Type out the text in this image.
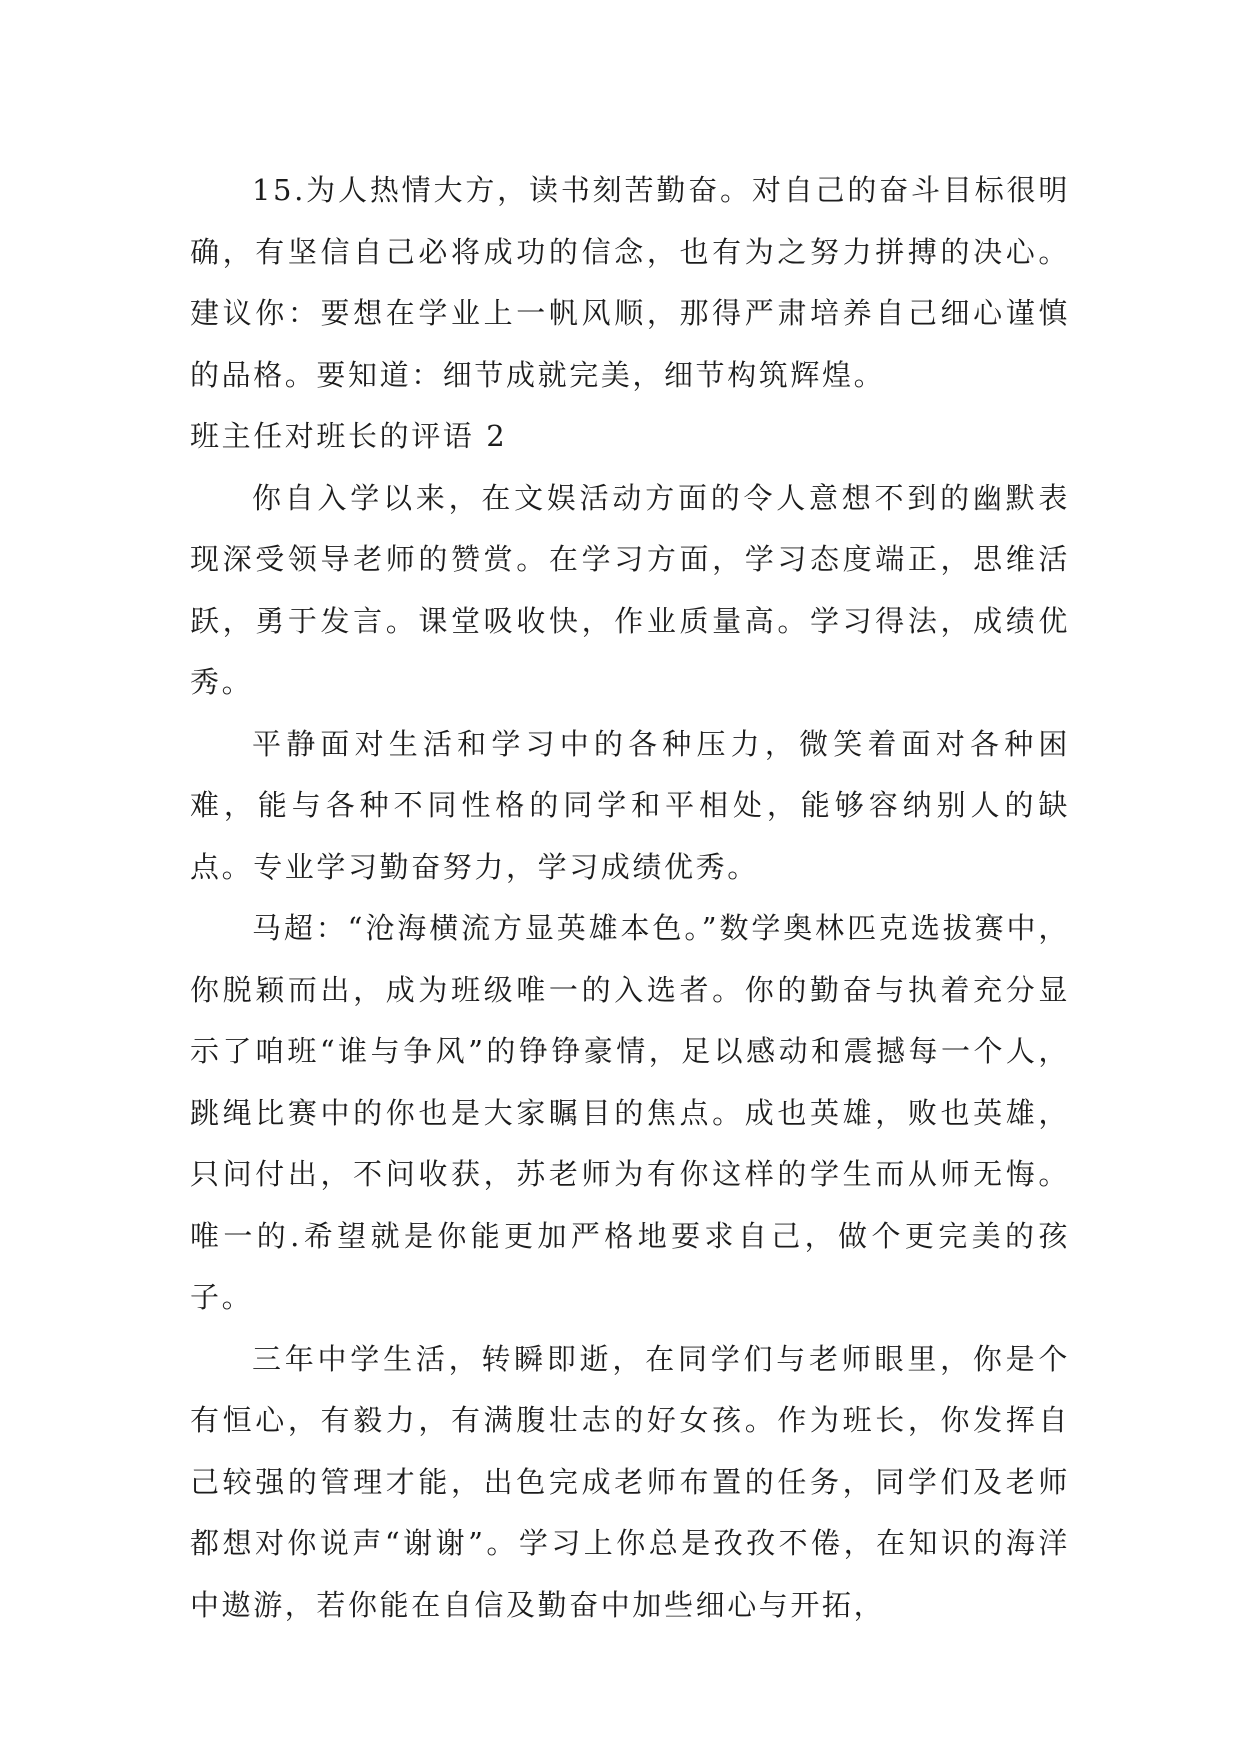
15.为人热情大方，读书刻苦勤奋。对自己的奋斗目标很明确，有坚信自己必将成功的信念，也有为之努力拼搏的决心。建议你：要想在学业上一帆风顺，那得严肃培养自己细心谨慎的品格。要知道：细节成就完美，细节构筑辉煌。

班主任对班长的评语 2

你自入学以来，在文娱活动方面的令人意想不到的幽默表现深受领导老师的赞赏。在学习方面，学习态度端正，思维活跃，勇于发言。课堂吸收快，作业质量高。学习得法，成绩优秀。

平静面对生活和学习中的各种压力，微笑着面对各种困难，能与各种不同性格的同学和平相处，能够容纳别人的缺点。专业学习勤奋努力，学习成绩优秀。

马超：“沧海横流方显英雄本色。”数学奥林匹克选拔赛中，你脱颖而出，成为班级唯一的入选者。你的勤奋与执着充分显示了咱班“谁与争风”的铮铮豪情，足以感动和震撼每一个人，跳绳比赛中的你也是大家瞩目的焦点。成也英雄，败也英雄，只问付出，不问收获，苏老师为有你这样的学生而从师无悔。唯一的.希望就是你能更加严格地要求自己，做个更完美的孩子。

三年中学生活，转瞬即逝，在同学们与老师眼里，你是个有恒心，有毅力，有满腹壮志的好女孩。作为班长，你发挥自己较强的管理才能，出色完成老师布置的任务，同学们及老师都想对你说声“谢谢”。学习上你总是孜孜不倦，在知识的海洋中遨游，若你能在自信及勤奋中加些细心与开拓，
